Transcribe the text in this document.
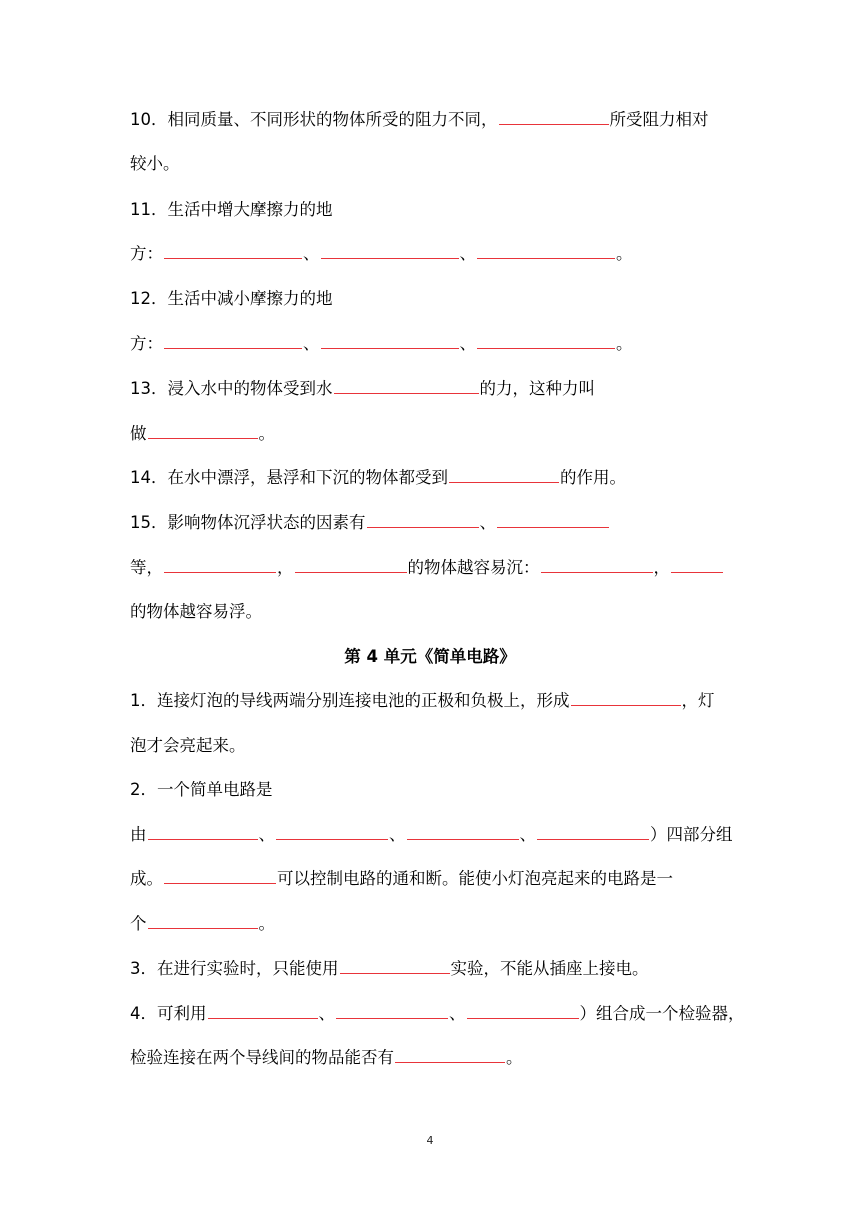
10．相同质量、不同形状的物体所受的阻力不同，	所受阻力相对
较小。
11．生活中增大摩擦力的地
方：	、	、	。
12．生活中减小摩擦力的地
方：	、	、	。
13．浸入水中的物体受到水	的力，这种力叫
做	。
14．在水中漂浮，悬浮和下沉的物体都受到	的作用。
15．影响物体沉浮状态的因素有	、
等，	，	的物体越容易沉：	，
的物体越容易浮。
第 4 单元《简单电路》
1．连接灯泡的导线两端分别连接电池的正极和负极上，形成	，灯
泡才会亮起来。
2．一个简单电路是
由	、	、	、	）四部分组
成。	可以控制电路的通和断。能使小灯泡亮起来的电路是一
个	。
3．在进行实验时，只能使用	实验，不能从插座上接电。
4．可利用	、	、	）组合成一个检验器，
检验连接在两个导线间的物品能否有	。
4
